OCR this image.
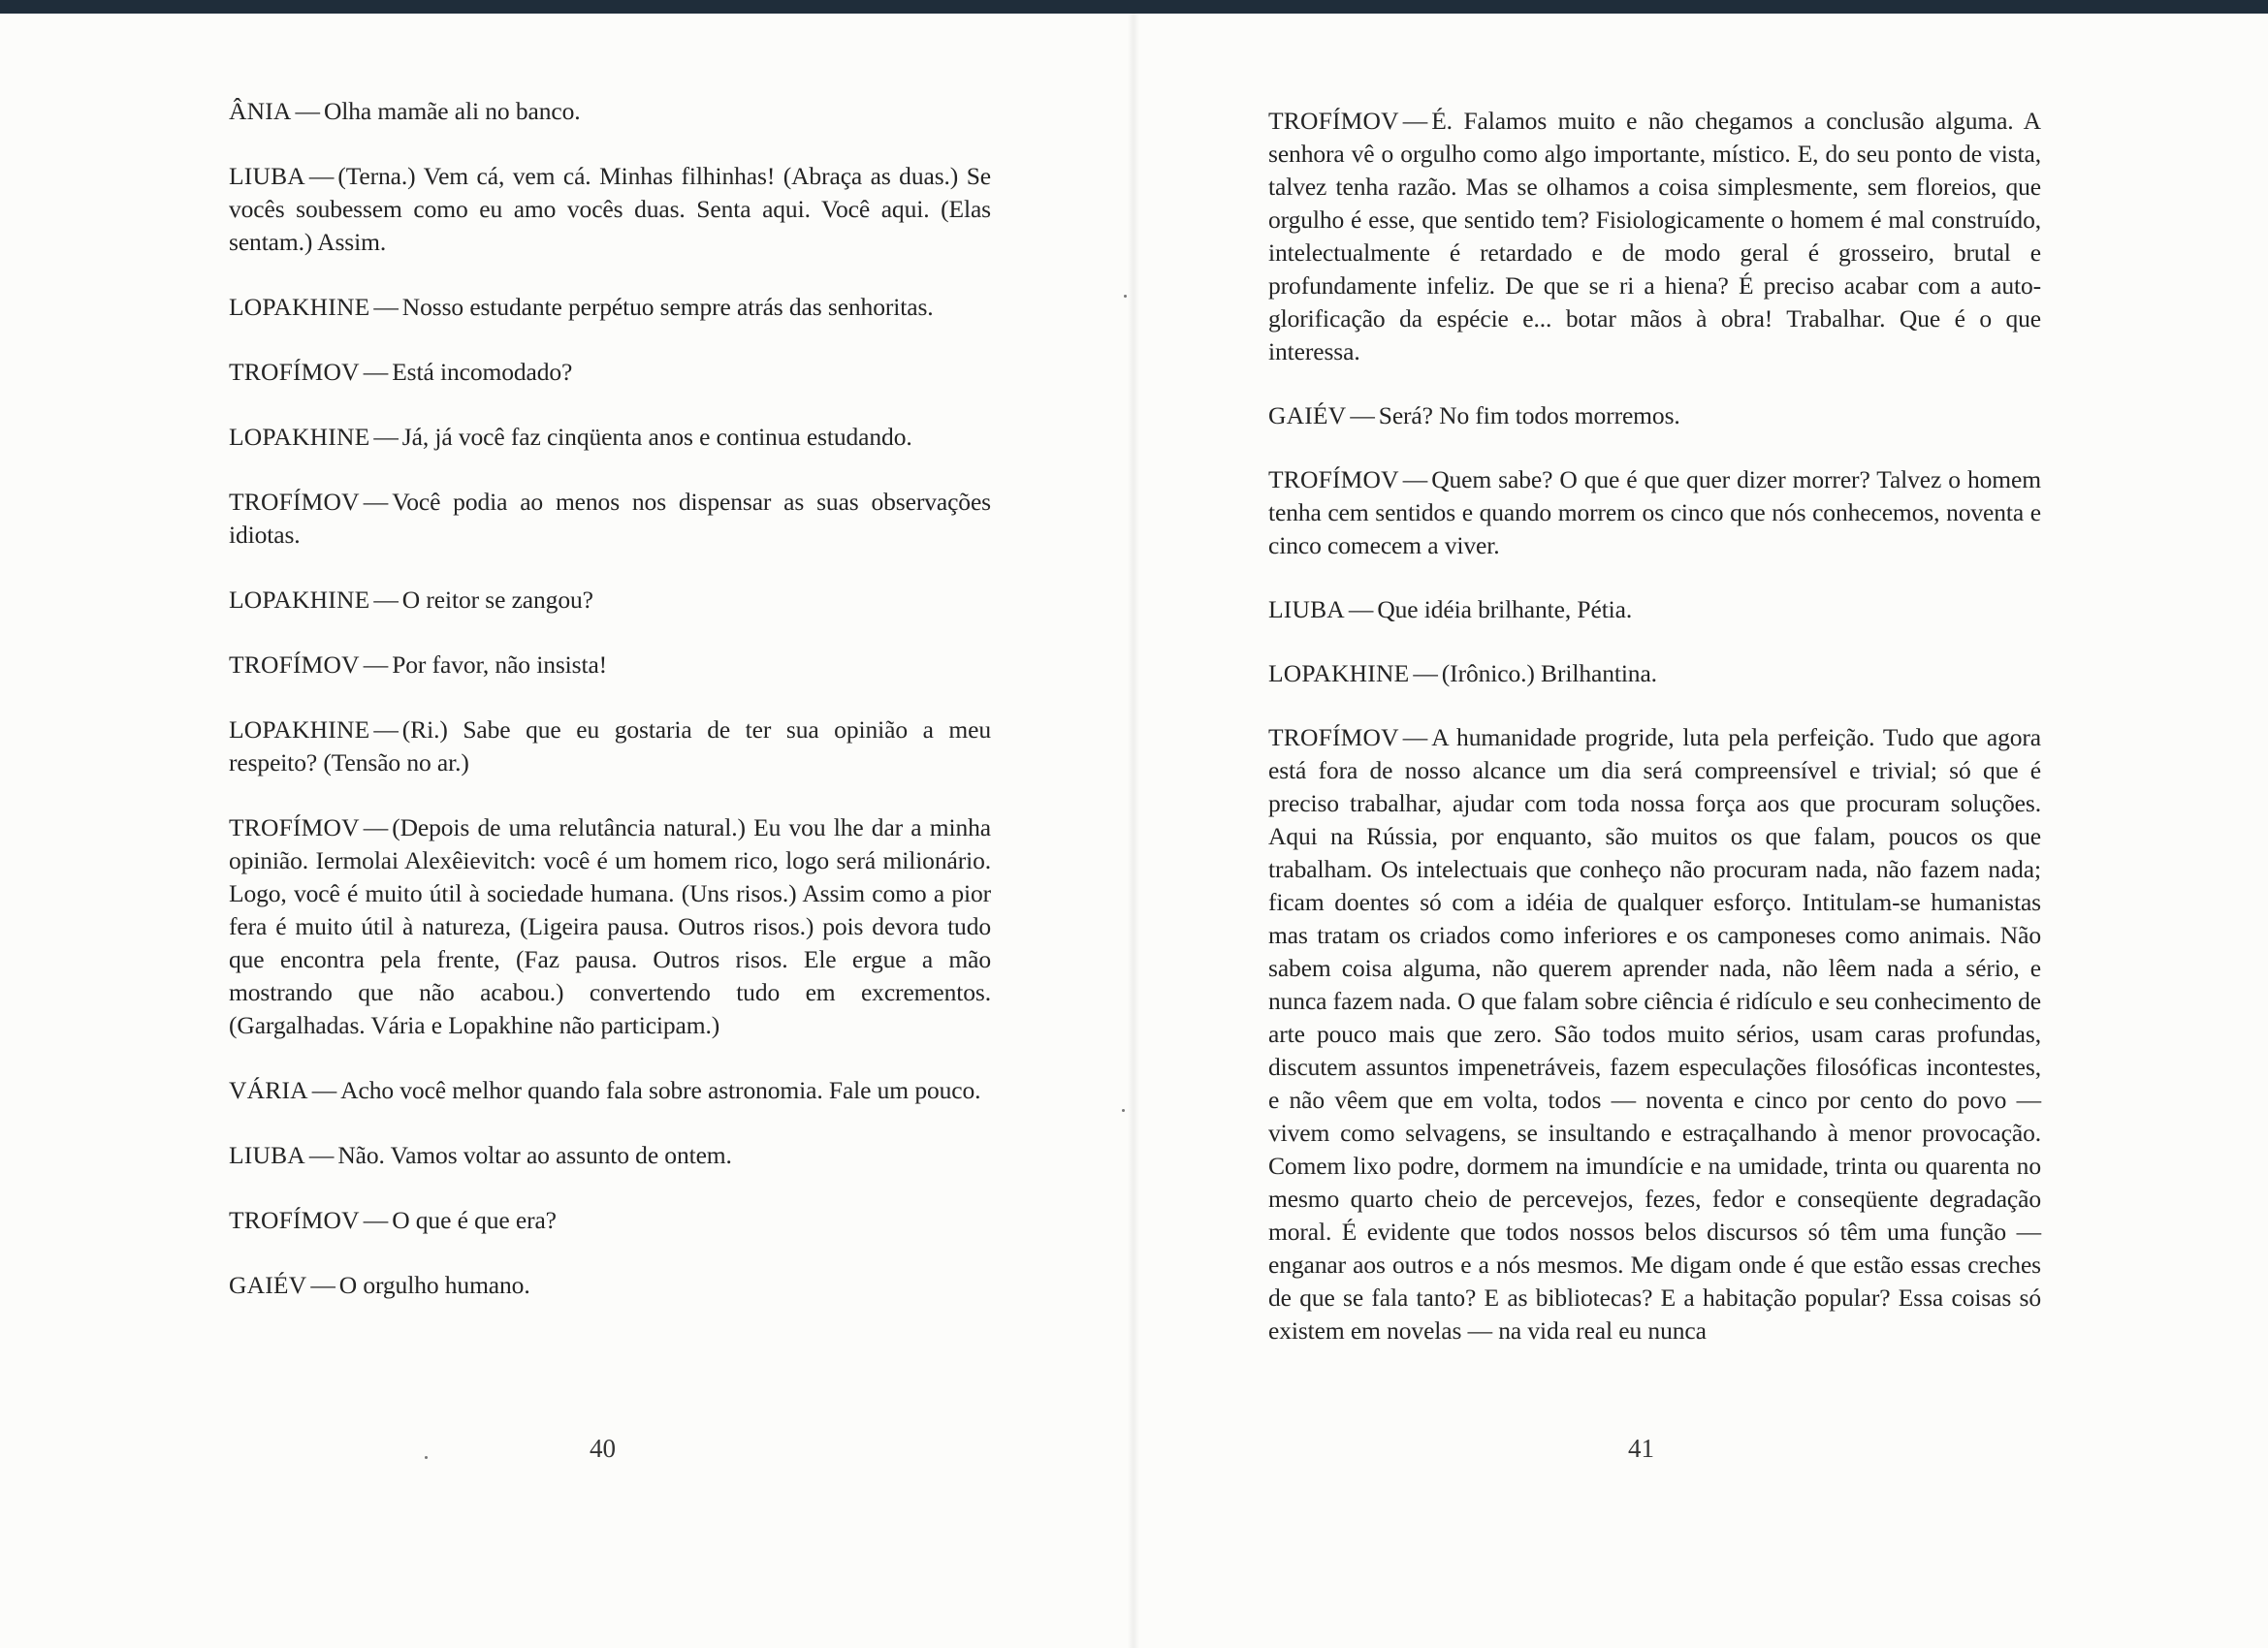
ÂNIA — Olha mamãe ali no banco.

LIUBA — (Terna.) Vem cá, vem cá. Minhas filhinhas! (Abraça as duas.) Se vocês soubessem como eu amo vocês duas. Senta aqui. Você aqui. (Elas sentam.) Assim.

LOPAKHINE — Nosso estudante perpétuo sempre atrás das senhoritas.

TROFÍMOV — Está incomodado?

LOPAKHINE — Já, já você faz cinqüenta anos e continua estudando.

TROFÍMOV — Você podia ao menos nos dispensar as suas observações idiotas.

LOPAKHINE — O reitor se zangou?

TROFÍMOV — Por favor, não insista!

LOPAKHINE — (Ri.) Sabe que eu gostaria de ter sua opinião a meu respeito? (Tensão no ar.)

TROFÍMOV — (Depois de uma relutância natural.) Eu vou lhe dar a minha opinião. Iermolai Alexêievitch: você é um homem rico, logo será milionário. Logo, você é muito útil à sociedade humana. (Uns risos.) Assim como a pior fera é muito útil à natureza, (Ligeira pausa. Outros risos.) pois devora tudo que encontra pela frente, (Faz pausa. Outros risos. Ele ergue a mão mostrando que não acabou.) convertendo tudo em excrementos. (Gargalhadas. Vária e Lopakhine não participam.)

VÁRIA — Acho você melhor quando fala sobre astronomia. Fale um pouco.

LIUBA — Não. Vamos voltar ao assunto de ontem.

TROFÍMOV — O que é que era?

GAIÉV — O orgulho humano.

40

TROFÍMOV — É. Falamos muito e não chegamos a conclusão alguma. A senhora vê o orgulho como algo importante, místico. E, do seu ponto de vista, talvez tenha razão. Mas se olhamos a coisa simplesmente, sem floreios, que orgulho é esse, que sentido tem? Fisiologicamente o homem é mal construído, intelectualmente é retardado e de modo geral é grosseiro, brutal e profundamente infeliz. De que se ri a hiena? É preciso acabar com a auto-glorificação da espécie e... botar mãos à obra! Trabalhar. Que é o que interessa.

GAIÉV — Será? No fim todos morremos.

TROFÍMOV — Quem sabe? O que é que quer dizer morrer? Talvez o homem tenha cem sentidos e quando morrem os cinco que nós conhecemos, noventa e cinco comecem a viver.

LIUBA — Que idéia brilhante, Pétia.

LOPAKHINE — (Irônico.) Brilhantina.

TROFÍMOV — A humanidade progride, luta pela perfeição. Tudo que agora está fora de nosso alcance um dia será compreensível e trivial; só que é preciso trabalhar, ajudar com toda nossa força aos que procuram soluções. Aqui na Rússia, por enquanto, são muitos os que falam, poucos os que trabalham. Os intelectuais que conheço não procuram nada, não fazem nada; ficam doentes só com a idéia de qualquer esforço. Intitulam-se humanistas mas tratam os criados como inferiores e os camponeses como animais. Não sabem coisa alguma, não querem aprender nada, não lêem nada a sério, e nunca fazem nada. O que falam sobre ciência é ridículo e seu conhecimento de arte pouco mais que zero. São todos muito sérios, usam caras profundas, discutem assuntos impenetráveis, fazem especulações filosóficas incontestes, e não vêem que em volta, todos — noventa e cinco por cento do povo — vivem como selvagens, se insultando e estraçalhando à menor provocação. Comem lixo podre, dormem na imundície e na umidade, trinta ou quarenta no mesmo quarto cheio de percevejos, fezes, fedor e conseqüente degradação moral. É evidente que todos nossos belos discursos só têm uma função — enganar aos outros e a nós mesmos. Me digam onde é que estão essas creches de que se fala tanto? E as bibliotecas? E a habitação popular? Essa coisas só existem em novelas — na vida real eu nunca

41
